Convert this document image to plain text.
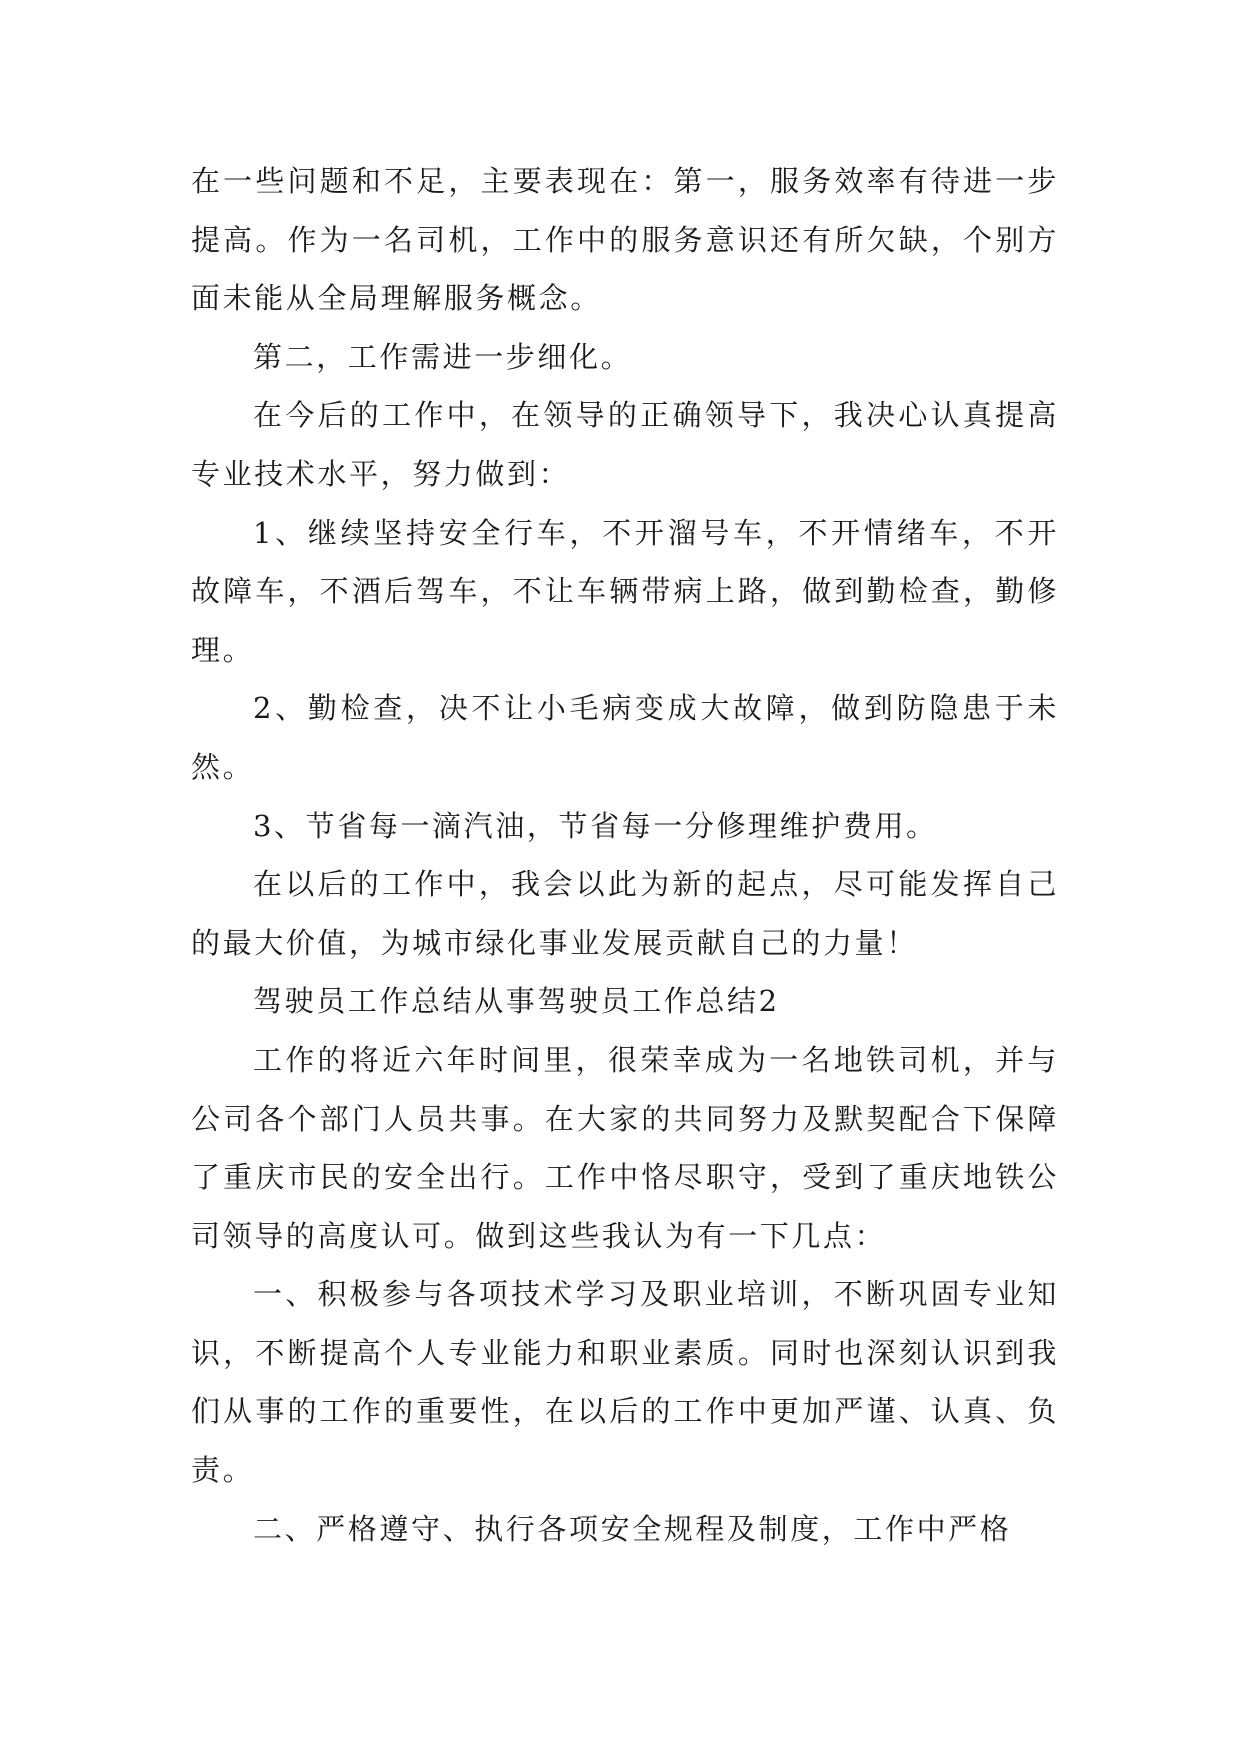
在一些问题和不足，主要表现在：第一，服务效率有待进一步提高。作为一名司机，工作中的服务意识还有所欠缺，个别方面未能从全局理解服务概念。

第二，工作需进一步细化。

在今后的工作中，在领导的正确领导下，我决心认真提高专业技术水平，努力做到：

1、继续坚持安全行车，不开溜号车，不开情绪车，不开故障车，不酒后驾车，不让车辆带病上路，做到勤检查，勤修理。

2、勤检查，决不让小毛病变成大故障，做到防隐患于未然。

3、节省每一滴汽油，节省每一分修理维护费用。

在以后的工作中，我会以此为新的起点，尽可能发挥自己的最大价值，为城市绿化事业发展贡献自己的力量！

驾驶员工作总结从事驾驶员工作总结2

工作的将近六年时间里，很荣幸成为一名地铁司机，并与公司各个部门人员共事。在大家的共同努力及默契配合下保障了重庆市民的安全出行。工作中恪尽职守，受到了重庆地铁公司领导的高度认可。做到这些我认为有一下几点：

一、积极参与各项技术学习及职业培训，不断巩固专业知识，不断提高个人专业能力和职业素质。同时也深刻认识到我们从事的工作的重要性，在以后的工作中更加严谨、认真、负责。

二、严格遵守、执行各项安全规程及制度，工作中严格
